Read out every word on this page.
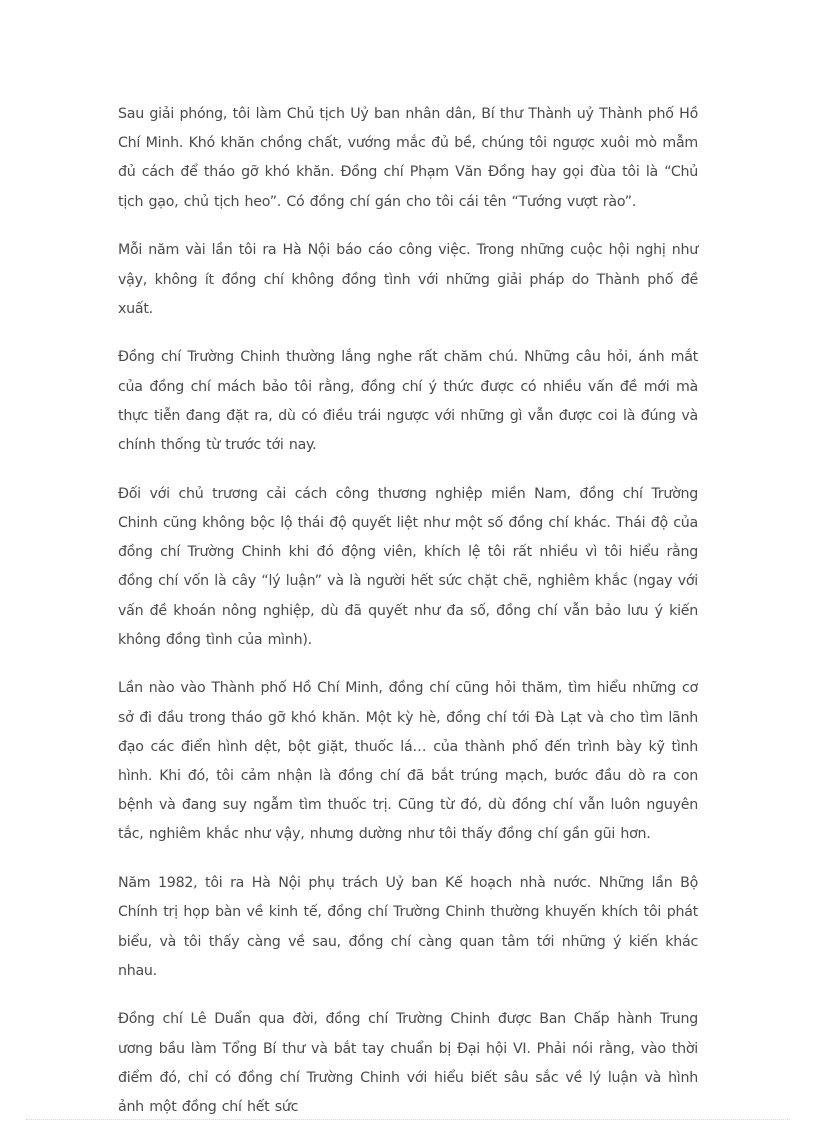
Sau giải phóng, tôi làm Chủ tịch Uỷ ban nhân dân, Bí thư Thành uỷ Thành phố Hồ Chí Minh. Khó khăn chồng chất, vướng mắc đủ bề, chúng tôi ngược xuôi mò mẫm đủ cách để tháo gỡ khó khăn. Đồng chí Phạm Văn Đồng hay gọi đùa tôi là “Chủ tịch gạo, chủ tịch heo”. Có đồng chí gán cho tôi cái tên “Tướng vượt rào”.

Mỗi năm vài lần tôi ra Hà Nội báo cáo công việc. Trong những cuộc hội nghị như vậy, không ít đồng chí không đồng tình với những giải pháp do Thành phố đề xuất.

Đồng chí Trường Chinh thường lắng nghe rất chăm chú. Những câu hỏi, ánh mắt của đồng chí mách bảo tôi rằng, đồng chí ý thức được có nhiều vấn đề mới mà thực tiễn đang đặt ra, dù có điều trái ngược với những gì vẫn được coi là đúng và chính thống từ trước tới nay.

Đối với chủ trương cải cách công thương nghiệp miền Nam, đồng chí Trường Chinh cũng không bộc lộ thái độ quyết liệt như một số đồng chí khác. Thái độ của đồng chí Trường Chinh khi đó động viên, khích lệ tôi rất nhiều vì tôi hiểu rằng đồng chí vốn là cây “lý luận” và là người hết sức chặt chẽ, nghiêm khắc (ngay với vấn đề khoán nông nghiệp, dù đã quyết như đa số, đồng chí vẫn bảo lưu ý kiến không đồng tình của mình).

Lần nào vào Thành phố Hồ Chí Minh, đồng chí cũng hỏi thăm, tìm hiểu những cơ sở đi đầu trong tháo gỡ khó khăn. Một kỳ hè, đồng chí tới Đà Lạt và cho tìm lãnh đạo các điển hình dệt, bột giặt, thuốc lá… của thành phố đến trình bày kỹ tình hình. Khi đó, tôi cảm nhận là đồng chí đã bắt trúng mạch, bước đầu dò ra con bệnh và đang suy ngẫm tìm thuốc trị. Cũng từ đó, dù đồng chí vẫn luôn nguyên tắc, nghiêm khắc như vậy, nhưng dường như tôi thấy đồng chí gần gũi hơn.

Năm 1982, tôi ra Hà Nội phụ trách Uỷ ban Kế hoạch nhà nước. Những lần Bộ Chính trị họp bàn về kinh tế, đồng chí Trường Chinh thường khuyến khích tôi phát biểu, và tôi thấy càng về sau, đồng chí càng quan tâm tới những ý kiến khác nhau.

Đồng chí Lê Duẩn qua đời, đồng chí Trường Chinh được Ban Chấp hành Trung ương bầu làm Tổng Bí thư và bắt tay chuẩn bị Đại hội VI. Phải nói rằng, vào thời điểm đó, chỉ có đồng chí Trường Chinh với hiểu biết sâu sắc về lý luận và hình ảnh một đồng chí hết sức
